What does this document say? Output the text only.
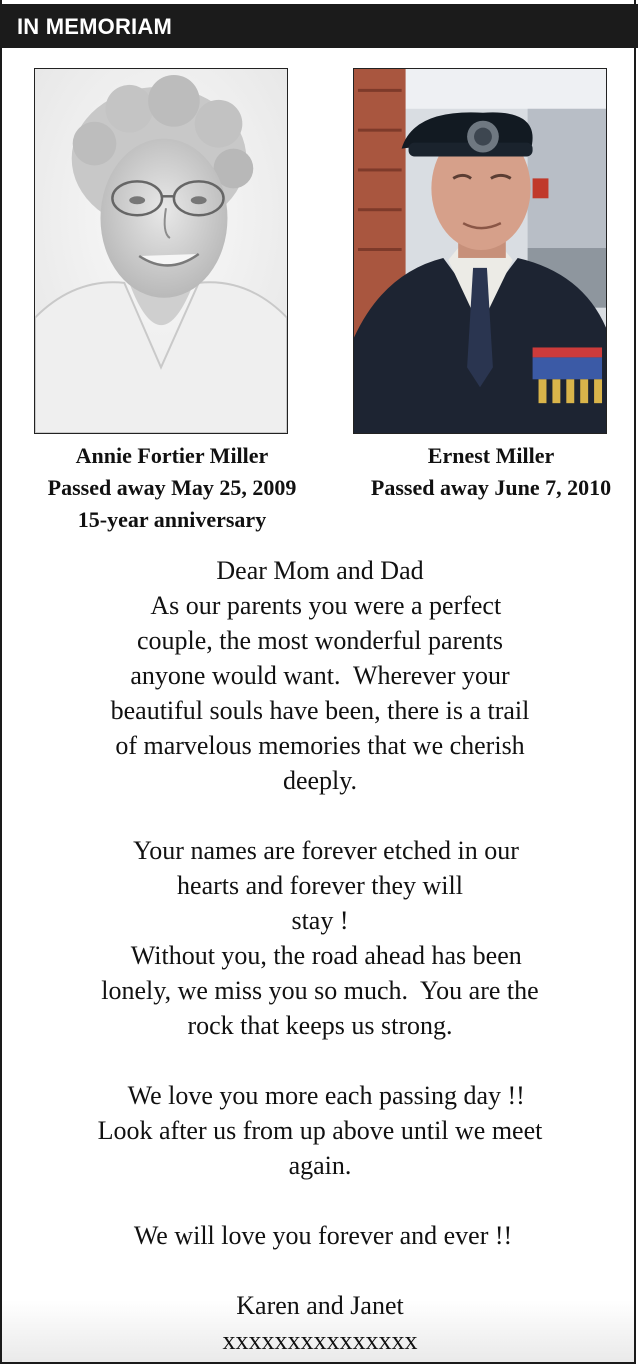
IN MEMORIAM
Annie Fortier Miller
Passed away May 25, 2009
15-year anniversary
Ernest Miller
Passed away June 7, 2010
Dear Mom and Dad
As our parents you were a perfect
couple, the most wonderful parents
anyone would want.  Wherever your
beautiful souls have been, there is a trail
of marvelous memories that we cherish
deeply.
Your names are forever etched in our
hearts and forever they will
stay !
Without you, the road ahead has been
lonely, we miss you so much.  You are the
rock that keeps us strong.
We love you more each passing day !!
Look after us from up above until we meet
again.
We will love you forever and ever !!
Karen and Janet
xxxxxxxxxxxxxxx
